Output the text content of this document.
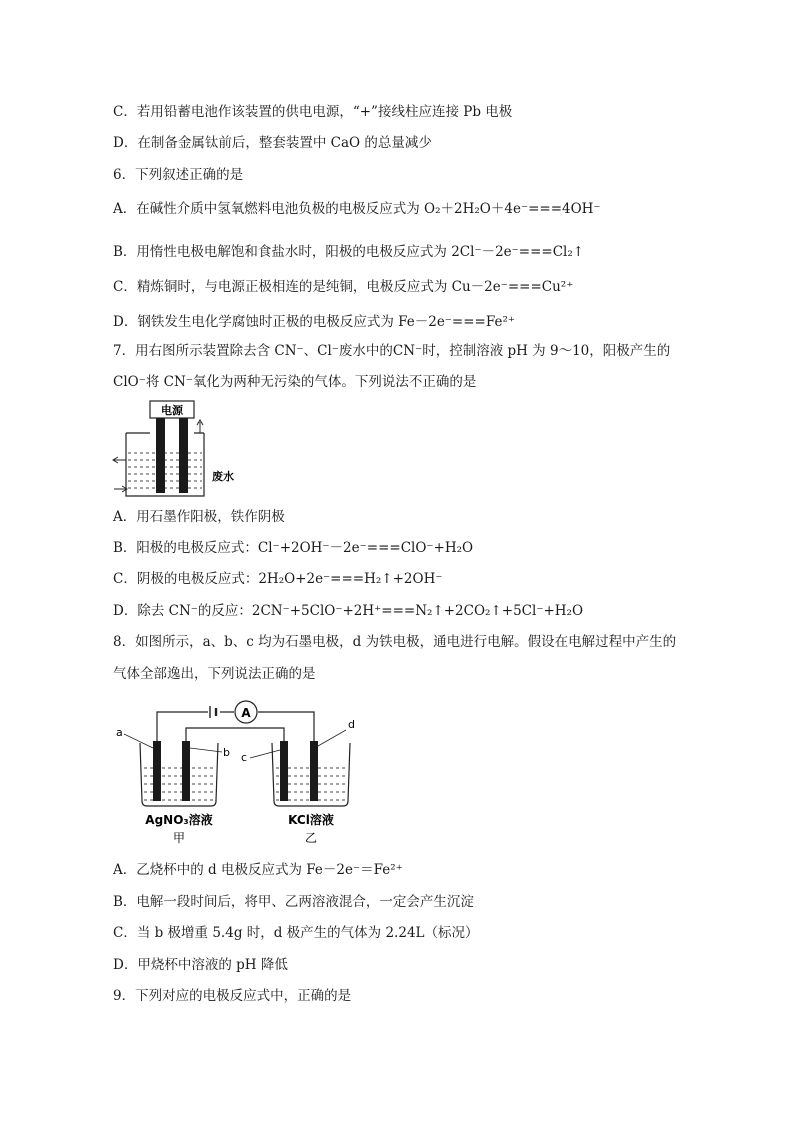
C．若用铅蓄电池作该装置的供电电源，“+”接线柱应连接 Pb 电极
D．在制备金属钛前后，整套装置中 CaO 的总量减少
6．下列叙述正确的是
A．在碱性介质中氢氧燃料电池负极的电极反应式为 O₂＋2H₂O＋4e⁻===4OH⁻
B．用惰性电极电解饱和食盐水时，阳极的电极反应式为 2Cl⁻－2e⁻===Cl₂↑
C．精炼铜时，与电源正极相连的是纯铜，电极反应式为 Cu－2e⁻===Cu²⁺
D．钢铁发生电化学腐蚀时正极的电极反应式为 Fe－2e⁻===Fe²⁺
7．用右图所示装置除去含 CN⁻、Cl⁻废水中的CN⁻时，控制溶液 pH 为 9～10，阳极产生的
ClO⁻将 CN⁻氧化为两种无污染的气体。下列说法不正确的是
电源
废水
A．用石墨作阳极，铁作阴极
B．阳极的电极反应式：Cl⁻+2OH⁻－2e⁻===ClO⁻+H₂O
C．阴极的电极反应式：2H₂O+2e⁻===H₂↑+2OH⁻
D．除去 CN⁻的反应：2CN⁻+5ClO⁻+2H⁺===N₂↑+2CO₂↑+5Cl⁻+H₂O
8．如图所示，a、b、c 均为石墨电极，d 为铁电极，通电进行电解。假设在电解过程中产生的
气体全部逸出，下列说法正确的是
A
a
b c
d
AgNO₃溶液	KCl溶液
甲	乙
A．乙烧杯中的 d 电极反应式为 Fe－2e⁻＝Fe²⁺
B．电解一段时间后，将甲、乙两溶液混合，一定会产生沉淀
C．当 b 极增重 5.4g 时，d 极产生的气体为 2.24L（标况）
D．甲烧杯中溶液的 pH 降低
9．下列对应的电极反应式中，正确的是
